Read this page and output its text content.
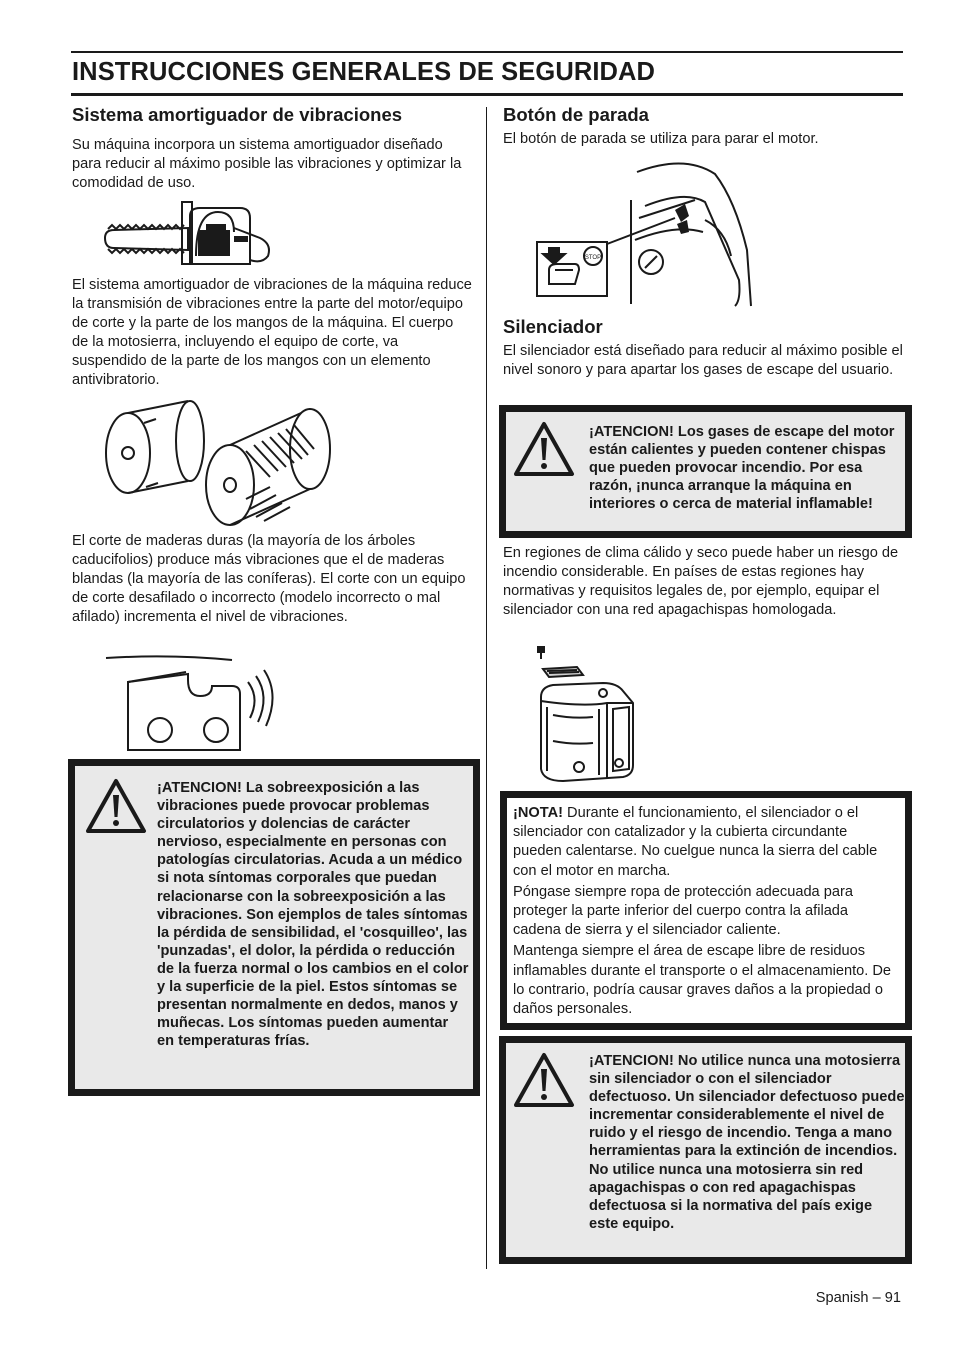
INSTRUCCIONES GENERALES DE SEGURIDAD
Sistema amortiguador de vibraciones

Su máquina incorpora un sistema amortiguador diseñado para reducir al máximo posible las vibraciones y optimizar la comodidad de uso.

El sistema amortiguador de vibraciones de la máquina reduce la transmisión de vibraciones entre la parte del motor/equipo de corte y la parte de los mangos de la máquina. El cuerpo de la motosierra, incluyendo el equipo de corte, va suspendido de la parte de los mangos con un elemento antivibratorio.

El corte de maderas duras (la mayoría de los árboles caducifolios) produce más vibraciones que el de maderas blandas (la mayoría de las coníferas). El corte con un equipo de corte desafilado o incorrecto (modelo incorrecto o mal afilado) incrementa el nivel de vibraciones.

¡ATENCION! La sobreexposición a las vibraciones puede provocar problemas circulatorios y dolencias de carácter nervioso, especialmente en personas con patologías circulatorias. Acuda a un médico si nota síntomas corporales que puedan relacionarse con la sobreexposición a las vibraciones. Son ejemplos de tales síntomas la pérdida de sensibilidad, el 'cosquilleo', las 'punzadas', el dolor, la pérdida o reducción de la fuerza normal o los cambios en el color y la superficie de la piel. Estos síntomas se presentan normalmente en dedos, manos y muñecas. Los síntomas pueden aumentar en temperaturas frías.

Botón de parada

El botón de parada se utiliza para parar el motor.

STOP
Silenciador

El silenciador está diseñado para reducir al máximo posible el nivel sonoro y para apartar los gases de escape del usuario.

¡ATENCION! Los gases de escape del motor están calientes y pueden contener chispas que pueden provocar incendio. Por esa razón, ¡nunca arranque la máquina en interiores o cerca de material inflamable!

En regiones de clima cálido y seco puede haber un riesgo de incendio considerable. En países de estas regiones hay normativas y requisitos legales de, por ejemplo, equipar el silenciador con una red apagachispas homologada.

¡NOTA! Durante el funcionamiento, el silenciador o el silenciador con catalizador y la cubierta circundante pueden calentarse. No cuelgue nunca la sierra del cable con el motor en marcha.

Póngase siempre ropa de protección adecuada para proteger la parte inferior del cuerpo contra la afilada cadena de sierra y el silenciador caliente.

Mantenga siempre el área de escape libre de residuos inflamables durante el transporte o el almacenamiento. De lo contrario, podría causar graves daños a la propiedad o daños personales.

¡ATENCION! No utilice nunca una motosierra sin silenciador o con el silenciador defectuoso. Un silenciador defectuoso puede incrementar considerablemente el nivel de ruido y el riesgo de incendio. Tenga a mano herramientas para la extinción de incendios. No utilice nunca una motosierra sin red apagachispas o con red apagachispas defectuosa si la normativa del país exige este equipo.

Spanish – 91
